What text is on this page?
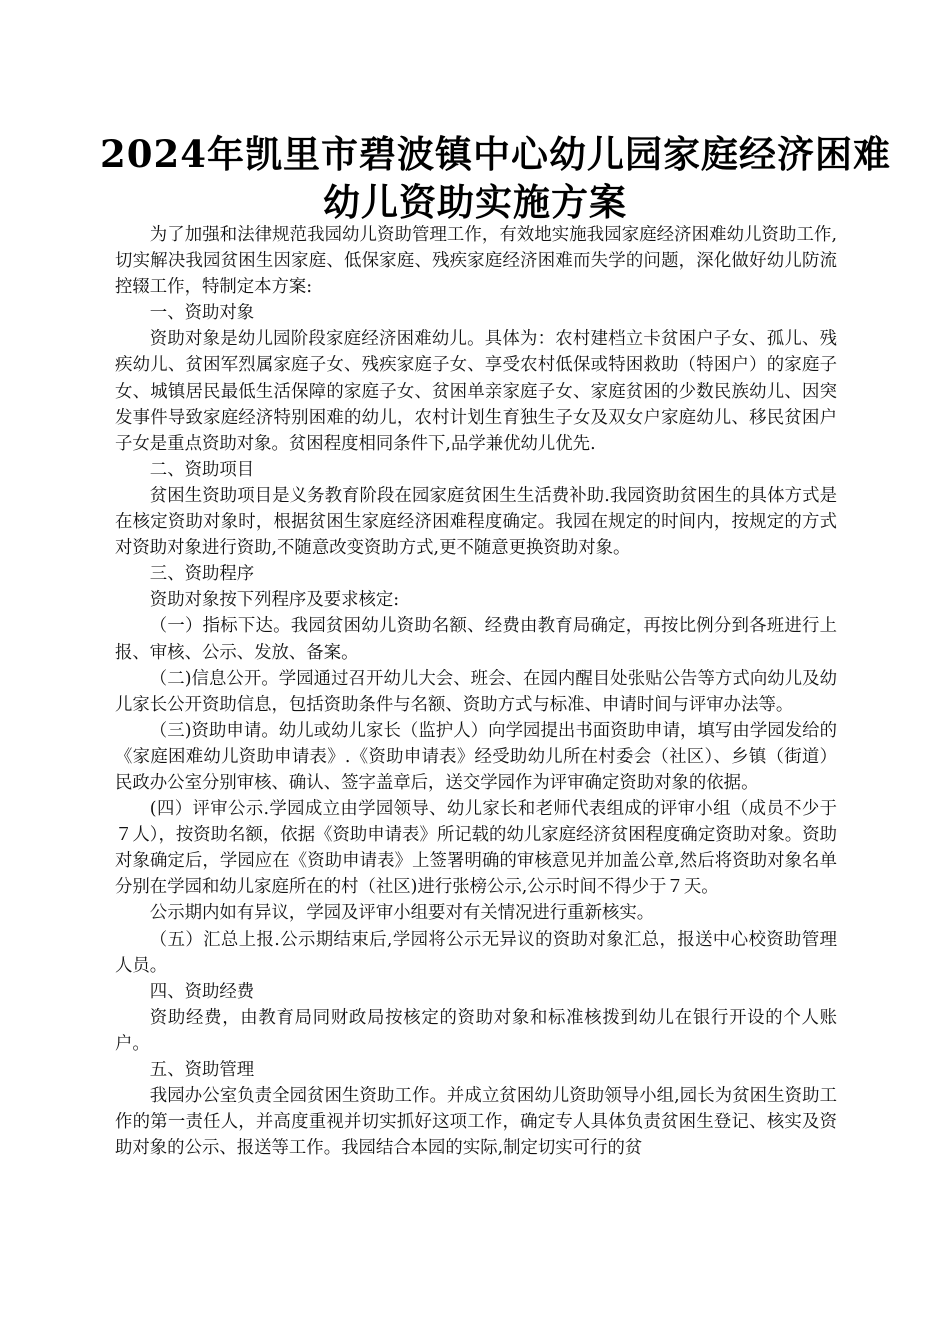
2024年凯里市碧波镇中心幼儿园家庭经济困难
幼儿资助实施方案

为了加强和法律规范我园幼儿资助管理工作，有效地实施我园家庭经济困难幼儿资助工作,切实解决我园贫困生因家庭、低保家庭、残疾家庭经济困难而失学的问题，深化做好幼儿防流控辍工作，特制定本方案:

一、资助对象

资助对象是幼儿园阶段家庭经济困难幼儿。具体为：农村建档立卡贫困户子女、孤儿、残疾幼儿、贫困军烈属家庭子女、残疾家庭子女、享受农村低保或特困救助（特困户）的家庭子女、城镇居民最低生活保障的家庭子女、贫困单亲家庭子女、家庭贫困的少数民族幼儿、因突发事件导致家庭经济特别困难的幼儿，农村计划生育独生子女及双女户家庭幼儿、移民贫困户子女是重点资助对象。贫困程度相同条件下,品学兼优幼儿优先.

二、资助项目

贫困生资助项目是义务教育阶段在园家庭贫困生生活费补助.我园资助贫困生的具体方式是在核定资助对象时，根据贫困生家庭经济困难程度确定。我园在规定的时间内，按规定的方式对资助对象进行资助,不随意改变资助方式,更不随意更换资助对象。

三、资助程序

资助对象按下列程序及要求核定:

（一）指标下达。我园贫困幼儿资助名额、经费由教育局确定，再按比例分到各班进行上报、审核、公示、发放、备案。

（二)信息公开。学园通过召开幼儿大会、班会、在园内醒目处张贴公告等方式向幼儿及幼儿家长公开资助信息，包括资助条件与名额、资助方式与标准、申请时间与评审办法等。

（三)资助申请。幼儿或幼儿家长（监护人）向学园提出书面资助申请，填写由学园发给的《家庭困难幼儿资助申请表》.《资助申请表》经受助幼儿所在村委会（社区）、乡镇（街道）民政办公室分别审核、确认、签字盖章后，送交学园作为评审确定资助对象的依据。

(四）评审公示.学园成立由学园领导、幼儿家长和老师代表组成的评审小组（成员不少于７人），按资助名额，依据《资助申请表》所记载的幼儿家庭经济贫困程度确定资助对象。资助对象确定后，学园应在《资助申请表》上签署明确的审核意见并加盖公章,然后将资助对象名单分别在学园和幼儿家庭所在的村（社区)进行张榜公示,公示时间不得少于７天。

公示期内如有异议，学园及评审小组要对有关情况进行重新核实。

（五）汇总上报.公示期结束后,学园将公示无异议的资助对象汇总，报送中心校资助管理人员。

四、资助经费

资助经费，由教育局同财政局按核定的资助对象和标准核拨到幼儿在银行开设的个人账户。

五、资助管理

我园办公室负责全园贫困生资助工作。并成立贫困幼儿资助领导小组,园长为贫困生资助工作的第一责任人，并高度重视并切实抓好这项工作，确定专人具体负责贫困生登记、核实及资助对象的公示、报送等工作。我园结合本园的实际,制定切实可行的贫
